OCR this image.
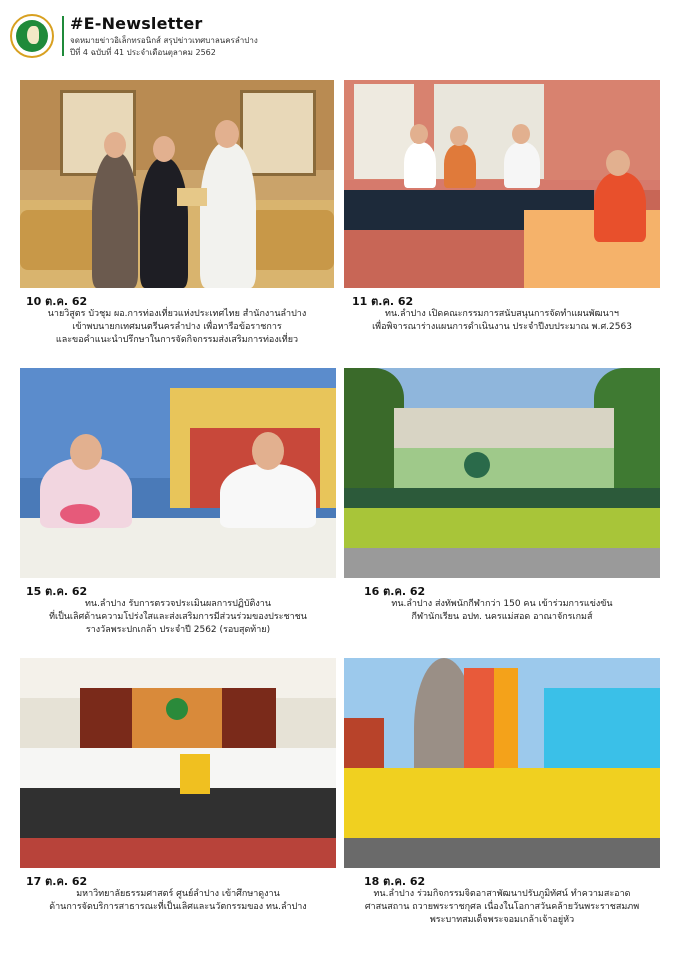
#E-Newsletter
จดหมายข่าวอิเล็กทรอนิกส์ สรุปข่าวเทศบาลนครลำปาง
ปีที่ 4 ฉบับที่ 41 ประจำเดือนตุลาคม 2562
10 ต.ค. 62
นายวิสูตร บัวชุม ผอ.การท่องเที่ยวแห่งประเทศไทย สำนักงานลำปาง
เข้าพบนายกเทศมนตรีนครลำปาง เพื่อหารือข้อราชการ
และขอคำแนะนำปรึกษาในการจัดกิจกรรมส่งเสริมการท่องเที่ยว
11 ต.ค. 62
ทน.ลำปาง เปิดคณะกรรมการสนับสนุนการจัดทำแผนพัฒนาฯ
เพื่อพิจารณาร่างแผนการดำเนินงาน ประจำปีงบประมาณ พ.ศ.2563
15 ต.ค. 62
ทน.ลำปาง รับการตรวจประเมินผลการปฏิบัติงาน
ที่เป็นเลิศด้านความโปร่งใสและส่งเสริมการมีส่วนร่วมของประชาชน
รางวัลพระปกเกล้า ประจำปี 2562 (รอบสุดท้าย)
16 ต.ค. 62
ทน.ลำปาง ส่งทัพนักกีฬากว่า 150 คน เข้าร่วมการแข่งขัน
กีฬานักเรียน อปท. นครแม่สอด อาณาจักรเกมส์
17 ต.ค. 62
มหาวิทยาลัยธรรมศาสตร์ ศูนย์ลำปาง เข้าศึกษาดูงาน
ด้านการจัดบริการสาธารณะที่เป็นเลิศและนวัตกรรมของ ทน.ลำปาง
18 ต.ค. 62
ทน.ลำปาง ร่วมกิจกรรมจิตอาสาพัฒนาปรับภูมิทัศน์ ทำความสะอาด
ศาสนสถาน ถวายพระราชกุศล เนื่องในโอกาสวันคล้ายวันพระราชสมภพ
พระบาทสมเด็จพระจอมเกล้าเจ้าอยู่หัว
